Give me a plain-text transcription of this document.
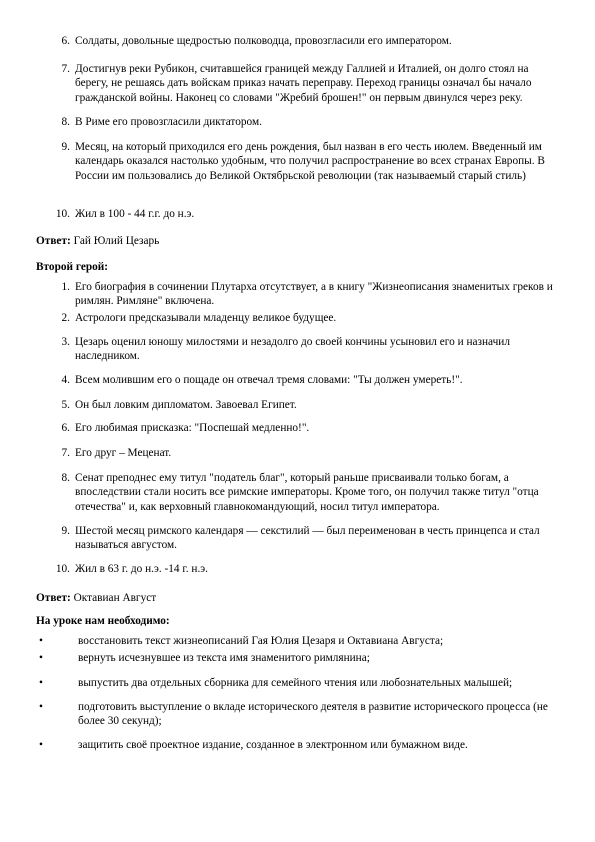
6. Солдаты, довольные щедростью полководца, провозгласили его императором.
7. Достигнув реки Рубикон, считавшейся границей между Галлией и Италией, он долго стоял на берегу, не решаясь дать войскам приказ начать переправу. Переход границы означал бы начало гражданской войны. Наконец со словами "Жребий брошен!" он первым двинулся через реку.
8. В Риме его провозгласили диктатором.
9. Месяц, на который приходился его день рождения, был назван в его честь июлем. Введенный им календарь оказался настолько удобным, что получил распространение во всех странах Европы. В России им пользовались до Великой Октябрьской революции (так называемый старый стиль)
10. Жил в 100 - 44 г.г. до н.э.
Ответ: Гай Юлий Цезарь
Второй герой:
1. Его биография в сочинении Плутарха отсутствует, а в книгу "Жизнеописания знаменитых греков и римлян. Римляне" включена.
2. Астрологи предсказывали младенцу великое будущее.
3. Цезарь оценил юношу милостями и незадолго до своей кончины усыновил его и назначил наследником.
4. Всем молившим его о пощаде он отвечал тремя словами: "Ты должен умереть!".
5. Он был ловким дипломатом. Завоевал Египет.
6. Его любимая присказка: "Поспешай медленно!".
7. Его друг – Меценат.
8. Сенат преподнес ему титул "податель благ", который раньше присваивали только богам, а впоследствии стали носить все римские императоры. Кроме того, он получил также титул "отца отечества" и, как верховный главнокомандующий, носил титул императора.
9. Шестой месяц римского календаря — секстилий — был переименован в честь принцепса и стал называться августом.
10. Жил в 63 г. до н.э. -14 г. н.э.
Ответ: Октавиан Август
На уроке нам необходимо:
•	восстановить текст жизнеописаний Гая Юлия Цезаря и Октавиана Августа;
•	вернуть исчезнувшее из текста имя знаменитого римлянина;
•	выпустить два отдельных сборника для семейного чтения или любознательных малышей;
•	подготовить выступление о вкладе исторического деятеля в развитие исторического процесса (не более 30 секунд);
•	защитить своё проектное издание, созданное в электронном или бумажном виде.
